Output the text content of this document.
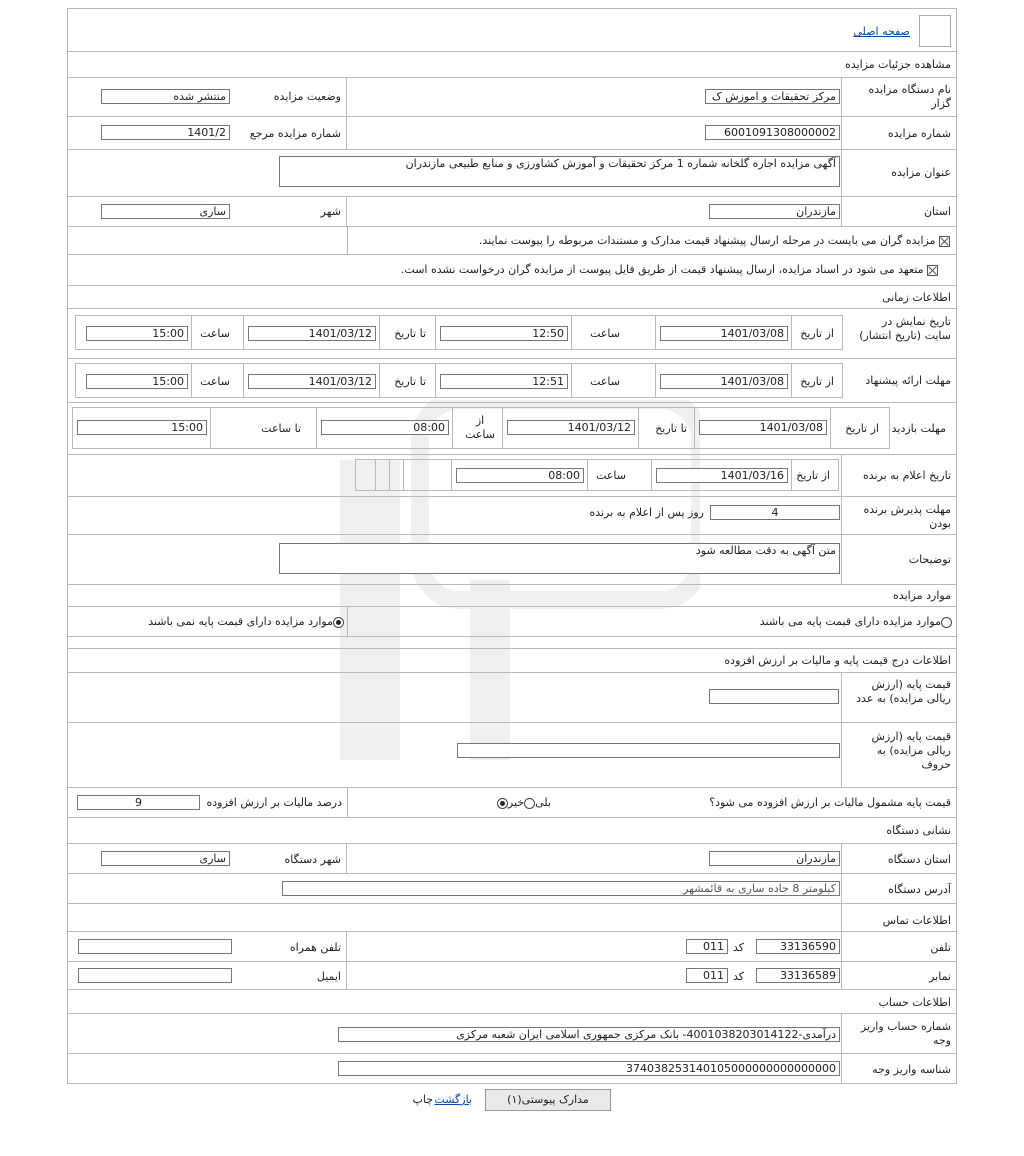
صفحه اصلی
مشاهده جزئیات مزایده
نام دستگاه مزایده گزار
مرکز تحقیقات و اموزش ک
وضعیت مزایده
منتشر شده
شماره مزایده
6001091308000002
شماره مزایده مرجع
1401/2
عنوان مزایده
آگهی مزایده اجاره گلخانه شماره 1 مرکز تحقیقات و آموزش کشاورزی و منابع طبیعی مازندران
استان
مازندران
شهر
ساری
مزایده گران می بایست در مرحله ارسال پیشنهاد قیمت مدارک و مستندات مربوطه را پیوست نمایند.
متعهد می شود در اسناد مزایده، ارسال پیشنهاد قیمت از طریق فایل پیوست از مزایده گران درخواست نشده است.
اطلاعات زمانی
تاریخ نمایش در سایت (تاریخ انتشار)
از تاریخ
1401/03/08
ساعت
12:50
تا تاریخ
1401/03/12
ساعت
15:00
مهلت ارائه پیشنهاد
از تاریخ
1401/03/08
ساعت
12:51
تا تاریخ
1401/03/12
ساعت
15:00
مهلت بازدید
از تاریخ
1401/03/08
تا تاریخ
1401/03/12
از ساعت
08:00
تا ساعت
15:00
تاریخ اعلام به برنده
از تاریخ
1401/03/16
ساعت
08:00
مهلت پذیرش برنده بودن
4
روز پس از اعلام به برنده
توضیحات
متن آگهی به دقت مطالعه شود
موارد مزایده
موارد مزایده دارای قیمت پایه می باشند
موارد مزایده دارای قیمت پایه نمی باشند
اطلاعات درج قیمت پایه و مالیات بر ارزش افزوده
قیمت پایه (ارزش ریالی مزایده) به عدد
قیمت پایه (ارزش ریالی مزایده) به حروف
قیمت پایه مشمول مالیات بر ارزش افزوده می شود؟
بلیخیر
درصد مالیات بر ارزش افزوده
9
نشانی دستگاه
استان دستگاه
مازندران
شهر دستگاه
ساری
آدرس دستگاه
کیلومتر 8 جاده ساری به قائمشهر
اطلاعات تماس
تلفن
33136590
کد
011
تلفن همراه
نمابر
33136589
کد
011
ایمیل
اطلاعات حساب
شماره حساب واریز وجه
درآمدی-4001038203014122- بانک مرکزی جمهوری اسلامی ایران شعبه مرکزی
شناسه واریز وجه
374038253140105000000000000000
مدارک پیوستی(۱)
بازگشت
چاپ
